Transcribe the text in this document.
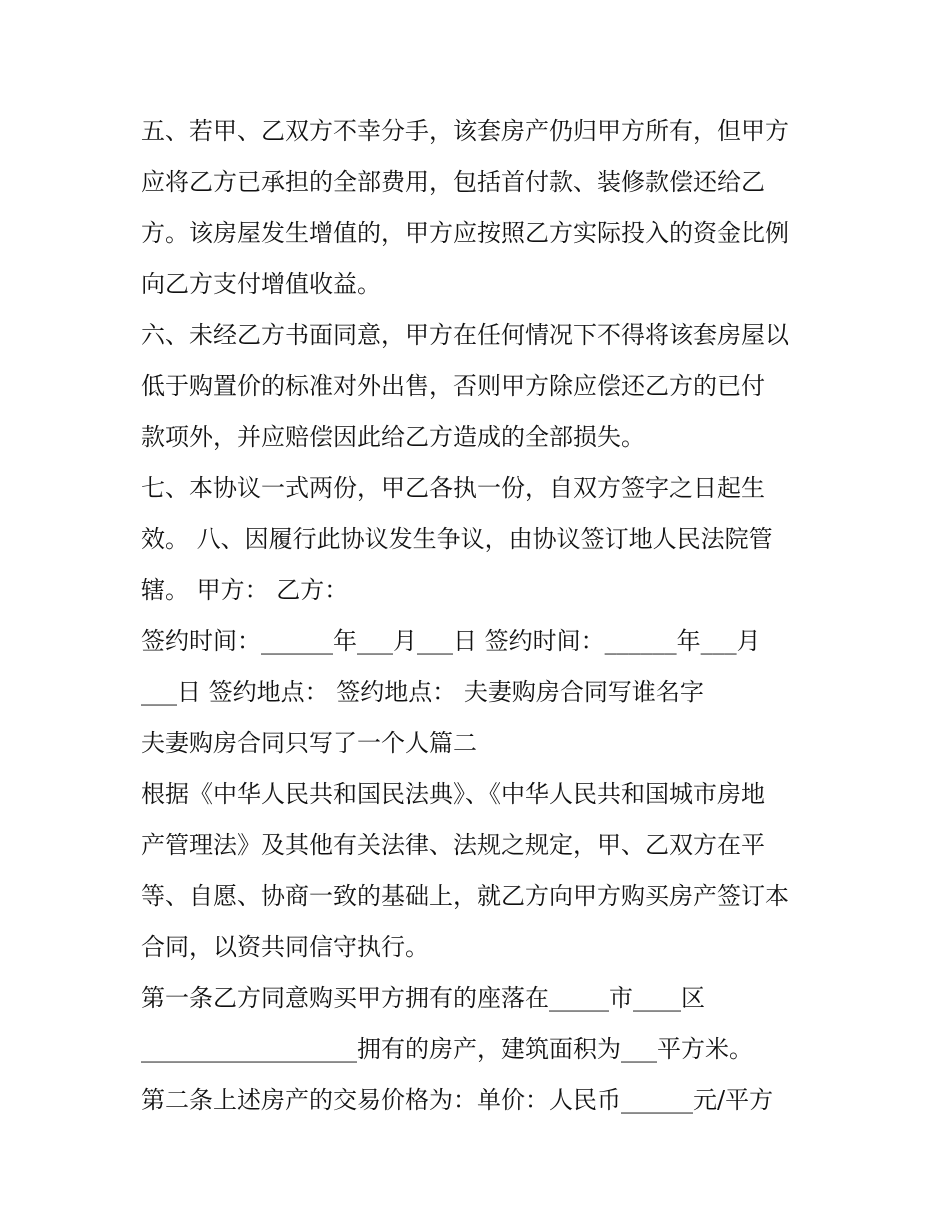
五、若甲、乙双方不幸分手，该套房产仍归甲方所有，但甲方
应将乙方已承担的全部费用，包括首付款、装修款偿还给乙
方。该房屋发生增值的，甲方应按照乙方实际投入的资金比例
向乙方支付增值收益。
六、未经乙方书面同意，甲方在任何情况下不得将该套房屋以
低于购置价的标准对外出售，否则甲方除应偿还乙方的已付
款项外，并应赔偿因此给乙方造成的全部损失。
七、本协议一式两份，甲乙各执一份，自双方签字之日起生
效。 八、因履行此协议发生争议，由协议签订地人民法院管
辖。 甲方： 乙方：
签约时间：______年___月___日 签约时间：______年___月
___日 签约地点： 签约地点： 夫妻购房合同写谁名字
夫妻购房合同只写了一个人篇二
根据《中华人民共和国民法典》、《中华人民共和国城市房地
产管理法》及其他有关法律、法规之规定，甲、乙双方在平
等、自愿、协商一致的基础上，就乙方向甲方购买房产签订本
合同，以资共同信守执行。
第一条乙方同意购买甲方拥有的座落在_____市____区
__________________拥有的房产，建筑面积为___平方米。
第二条上述房产的交易价格为：单价：人民币______元/平方
